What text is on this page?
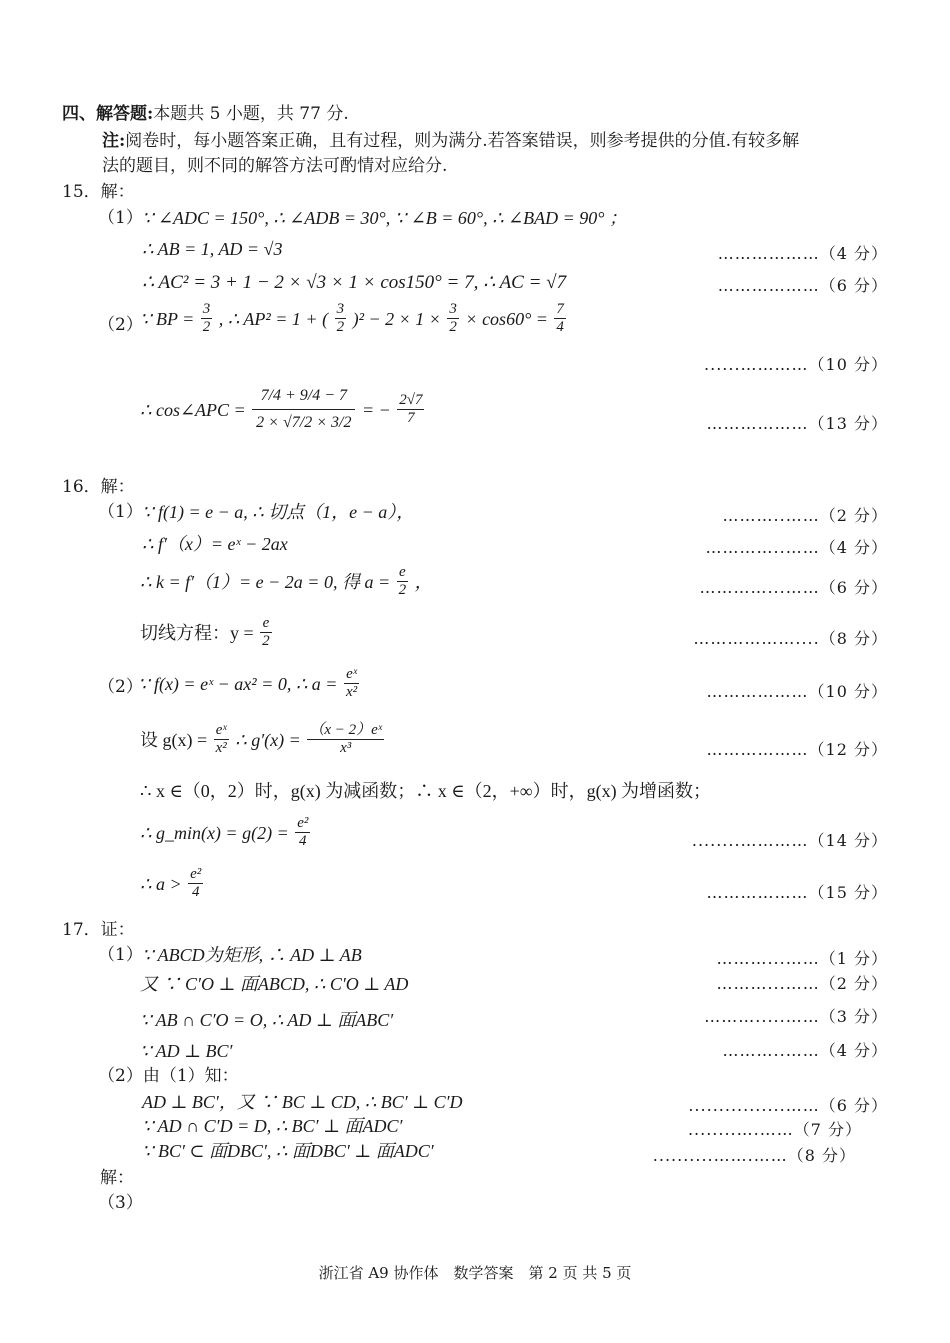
四、解答题:本题共 5 小题，共 77 分.
注:阅卷时，每小题答案正确，且有过程，则为满分.若答案错误，则参考提供的分值.有较多解
法的题目，则不同的解答方法可酌情对应给分.
15．解：
（1） ∵ ∠ADC = 150°, ∴ ∠ADB = 30°, ∵ ∠B = 60°, ∴ ∠BAD = 90° ；
∴ AB = 1, AD = √3	………………（4 分）
∴ AC² = 3 + 1 − 2 × √3 × 1 × cos150° = 7, ∴ AC = √7	………………（6 分）
（2）
∵ BP = $\frac{3}{2}$ , ∴ AP² = 1 + ( $\frac{3}{2} )^2 - 2 \times 1 \times \frac{3}{2} \times \cos 60^\circ = \frac{7}{4}$
......…………（10 分）
∴ cos∠APC = $\frac{7/4 + 9/4 - 7}{2 \times √7/2 \times 3/2}$ = − $\frac{2√7}{7}$	………………（13 分）
16．解：
（1） ∵ f(1) = e − a, ∴ 切点（1，e − a），	………..……（2 分）
∴ f′（x）= eˣ − 2ax	…………..……（4 分）
∴ k = f′（1）= e − 2a = 0, 得 $a = \frac{e}{2}$ ，	…………...……（6 分）
切线方程：$y = \frac{e}{2}$	………………....（8 分）
（2）
∵ f(x) = eˣ − ax² = 0, ∴ $a = \frac{\text{eˣ}}{\text{x²}}$	………………（10 分）
设 $g(x) = \frac{\text{eˣ}}{\text{x²}}$ ∴ $g'(x) = \frac{\text{（x − 2）eˣ}}{\text{x³}}$	………………（12 分）
∴ x ∈（0，2）时，g(x) 为减函数；∴ x ∈（2，+∞）时，g(x) 为增函数；
∴ g_min(x) = $g(2) = \frac{\text{e²}}{4}$	........…………（14 分）
∴ $a > \frac{\text{e²}}{4}$	………………（15 分）
17．证：
（1） ∵ ABCD为矩形, ∴ AD ⊥ AB	………...……（1 分）
又 ∵ C′O ⊥ 面ABCD, ∴ C′O ⊥ AD	………...……（2 分）
∵ AB ∩ C′O = O, ∴ AD ⊥ 面ABC′	……….....……（3 分）
∵ AD ⊥ BC′	………..……（4 分）
（2）由（1）知：
AD ⊥ BC′，又 ∵ BC ⊥ CD, ∴ BC′ ⊥ C′D	................……（6 分）
∵ AD ∩ C′D = D, ∴ BC′ ⊥ 面ADC′	........….……（7 分）
∵ BC′ ⊂ 面DBC′, ∴ 面DBC′ ⊥ 面ADC′	..........…….……（8 分）
解：
（3）
浙江省 A9 协作体　数学答案　第 2 页 共 5 页
